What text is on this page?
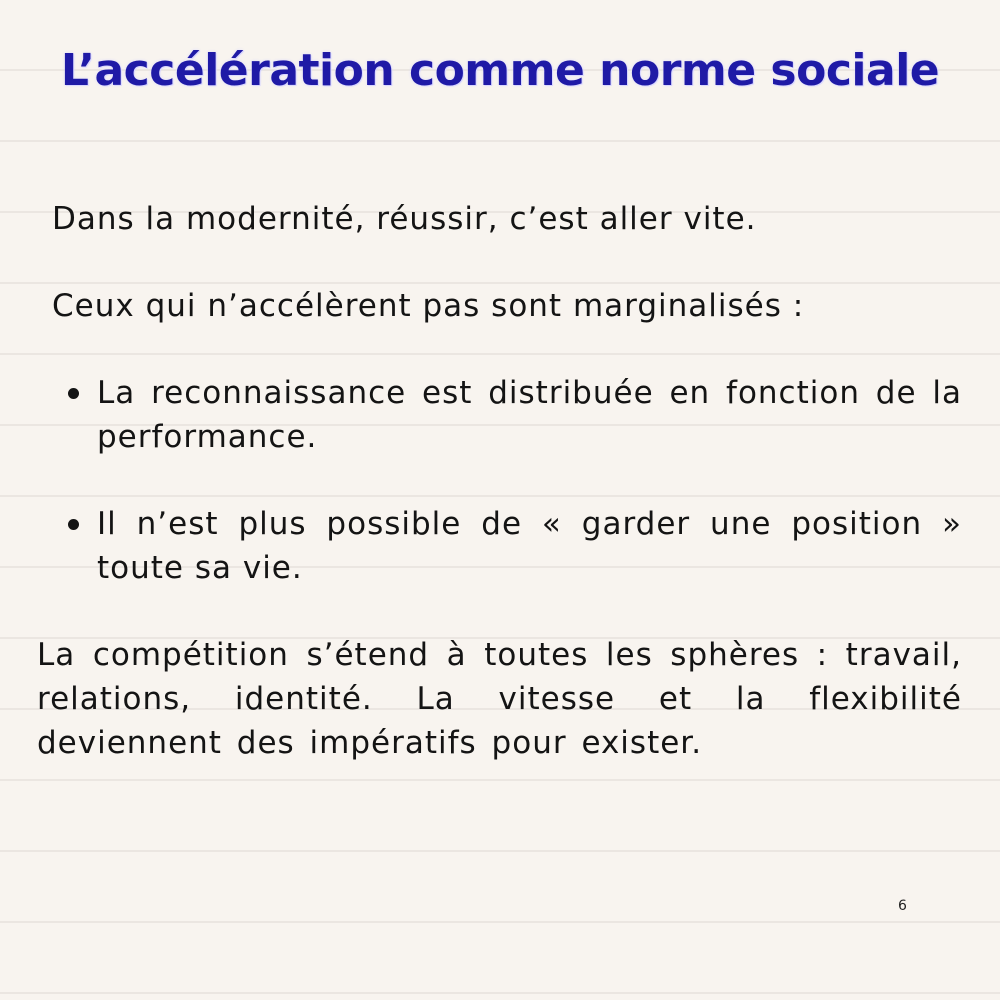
L’accélération comme norme sociale

Dans la modernité, réussir, c’est aller vite.

Ceux qui n’accélèrent pas sont marginalisés :

La reconnaissance est distribuée en fonction de la performance.
Il n’est plus possible de « garder une position » toute sa vie.

La compétition s’étend à toutes les sphères : travail, relations, identité. La vitesse et la flexibilité deviennent des impératifs pour exister.

6
